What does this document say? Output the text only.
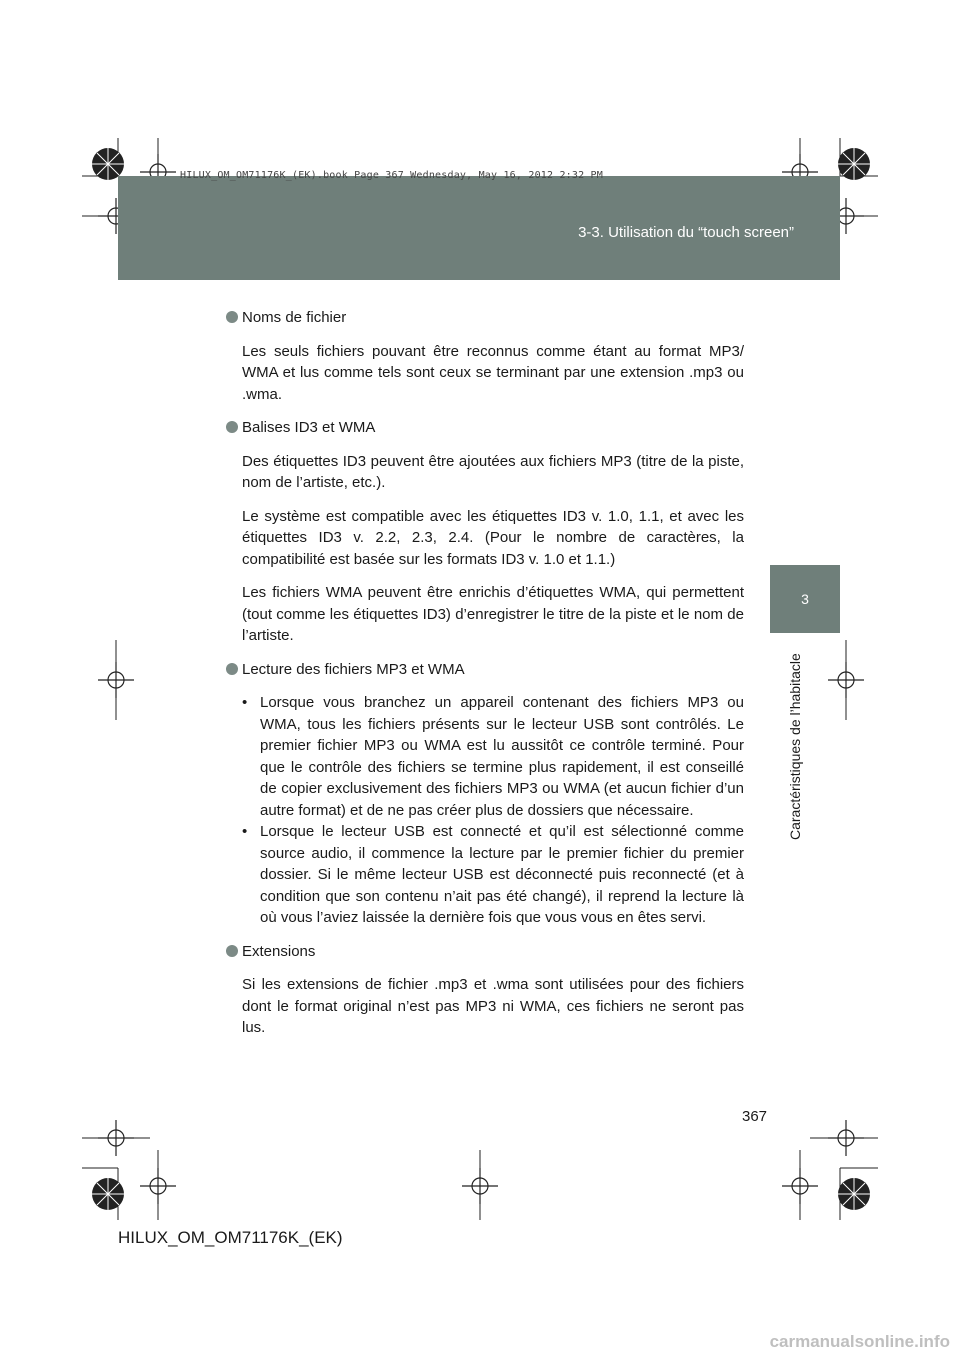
3-3. Utilisation du “touch screen”
HILUX_OM_OM71176K_(EK).book Page 367 Wednesday, May 16, 2012 2:32 PM
3
Caractéristiques de l’habitacle
Noms de fichier

Les seuls fichiers pouvant être reconnus comme étant au format MP3/ WMA et lus comme tels sont ceux se terminant par une extension .mp3 ou .wma.

Balises ID3 et WMA

Des étiquettes ID3 peuvent être ajoutées aux fichiers MP3 (titre de la piste, nom de l’artiste, etc.).

Le système est compatible avec les étiquettes ID3 v. 1.0, 1.1, et avec les étiquettes ID3 v. 2.2, 2.3, 2.4. (Pour le nombre de caractères, la compatibilité est basée sur les formats ID3 v. 1.0 et 1.1.)

Les fichiers WMA peuvent être enrichis d’étiquettes WMA, qui permettent (tout comme les étiquettes ID3) d’enregistrer le titre de la piste et le nom de l’artiste.

Lecture des fichiers MP3 et WMA
• Lorsque vous branchez un appareil contenant des fichiers MP3 ou WMA, tous les fichiers présents sur le lecteur USB sont contrôlés. Le premier fichier MP3 ou WMA est lu aussitôt ce contrôle terminé. Pour que le contrôle des fichiers se termine plus rapidement, il est conseillé de copier exclusivement des fichiers MP3 ou WMA (et aucun fichier d’un autre format) et de ne pas créer plus de dossiers que nécessaire.
• Lorsque le lecteur USB est connecté et qu’il est sélectionné comme source audio, il commence la lecture par le premier fichier du premier dossier. Si le même lecteur USB est déconnecté puis reconnecté (et à condition que son contenu n’ait pas été changé), il reprend la lecture là où vous l’aviez laissée la dernière fois que vous vous en êtes servi.
Extensions

Si les extensions de fichier .mp3 et .wma sont utilisées pour des fichiers dont le format original n’est pas MP3 ni WMA, ces fichiers ne seront pas lus.

367
HILUX_OM_OM71176K_(EK)
carmanualsonline.info
